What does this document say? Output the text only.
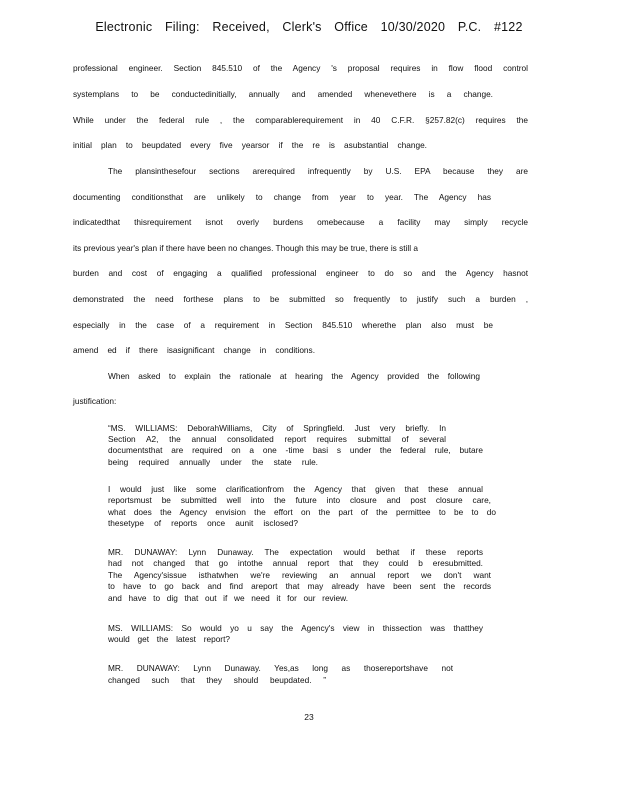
Electronic Filing: Received, Clerk's Office 10/30/2020 P.C. #122
professional engineer. Section 845.510 of the Agency 's proposal requires in flow flood control
systemplans to be conductedinitially, annually and amended whenevethere is a change.
While under the federal rule , the comparablerequirement in 40 C.F.R. §257.82(c) requires the
initial plan to beupdated every five yearsor if the re is asubstantial change.
The plansinthesefour sections arerequired infrequently by U.S. EPA because they are
documenting conditionsthat are unlikely to change from year to year. The Agency has
indicatedthat thisrequirement isnot overly burdens omebecause a facility may simply recycle
its previous year's plan if there have been no changes. Though this may be true, there is still a
burden and cost of engaging a qualified professional engineer to do so and the Agency hasnot
demonstrated the need forthese plans to be submitted so frequently to justify such a burden ,
especially in the case of a requirement in Section 845.510 wherethe plan also must be
amend ed if there isasignificant change in conditions.
When asked to explain the rationale at hearing the Agency provided the following
justification:
“MS. WILLIAMS: DeborahWilliams, City of Springfield. Just very briefly. In
Section A2, the annual consolidated report requires submittal of several
documentsthat are required on a one -time basi s under the federal rule, butare
being required annually under the state rule.
I would just like some clarificationfrom the Agency that given that these annual
reportsmust be submitted well into the future into closure and post closure care,
what does the Agency envision the effort on the part of the permittee to be to do
thesetype of reports once aunit isclosed?
MR. DUNAWAY: Lynn Dunaway. The expectation would bethat if these reports
had not changed that go intothe annual report that they could b eresubmitted.
The Agency'sissue isthatwhen we're reviewing an annual report we don't want
to have to go back and find areport that may already have been sent the records
and have to dig that out if we need it for our review.
MS. WILLIAMS: So would yo u say the Agency's view in thissection was thatthey
would get the latest report?
MR. DUNAWAY: Lynn Dunaway. Yes,as long as thosereportshave not
changed such that they should beupdated. ”
23
